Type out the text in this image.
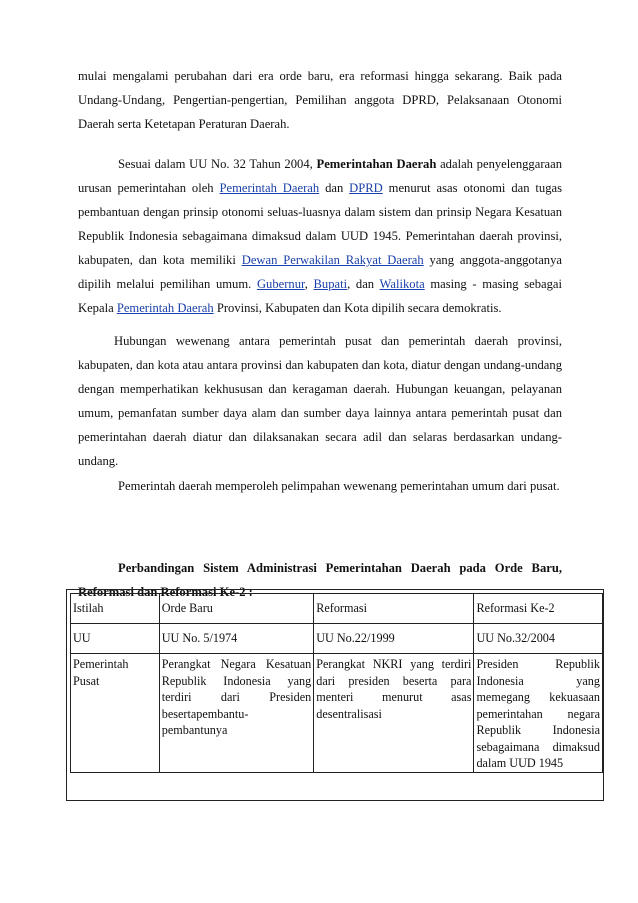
mulai mengalami perubahan dari era orde baru, era reformasi hingga sekarang. Baik pada Undang-Undang, Pengertian-pengertian, Pemilihan anggota DPRD, Pelaksanaan Otonomi Daerah serta Ketetapan Peraturan Daerah.

Sesuai dalam UU No. 32 Tahun 2004, Pemerintahan Daerah adalah penyelenggaraan urusan pemerintahan oleh Pemerintah Daerah dan DPRD menurut asas otonomi dan tugas pembantuan dengan prinsip otonomi seluas-luasnya dalam sistem dan prinsip Negara Kesatuan Republik Indonesia sebagaimana dimaksud dalam UUD 1945. Pemerintahan daerah provinsi, kabupaten, dan kota memiliki Dewan Perwakilan Rakyat Daerah yang anggota-anggotanya dipilih melalui pemilihan umum. Gubernur, Bupati, dan Walikota masing - masing sebagai Kepala Pemerintah Daerah Provinsi, Kabupaten dan Kota dipilih secara demokratis.

Hubungan wewenang antara pemerintah pusat dan pemerintah daerah provinsi, kabupaten, dan kota atau antara provinsi dan kabupaten dan kota, diatur dengan undang-undang dengan memperhatikan kekhususan dan keragaman daerah. Hubungan keuangan, pelayanan umum, pemanfatan sumber daya alam dan sumber daya lainnya antara pemerintah pusat dan pemerintahan daerah diatur dan dilaksanakan secara adil dan selaras berdasarkan undang-undang.

Pemerintah daerah memperoleh pelimpahan wewenang pemerintahan umum dari pusat.

Perbandingan Sistem Administrasi Pemerintahan Daerah pada Orde Baru, Reformasi dan Reformasi Ke-2 :

Istilah	Orde Baru	Reformasi	Reformasi Ke-2
UU	UU No. 5/1974	UU No.22/1999	UU No.32/2004
Pemerintah Pusat	Perangkat Negara Kesatuan Republik Indonesia yang terdiri dari Presiden besertapembantu-pembantunya	Perangkat NKRI yang terdiri dari presiden beserta para menteri menurut asas desentralisasi	Presiden Republik Indonesia yang memegang kekuasaan pemerintahan negara Republik Indonesia sebagaimana dimaksud dalam UUD 1945
